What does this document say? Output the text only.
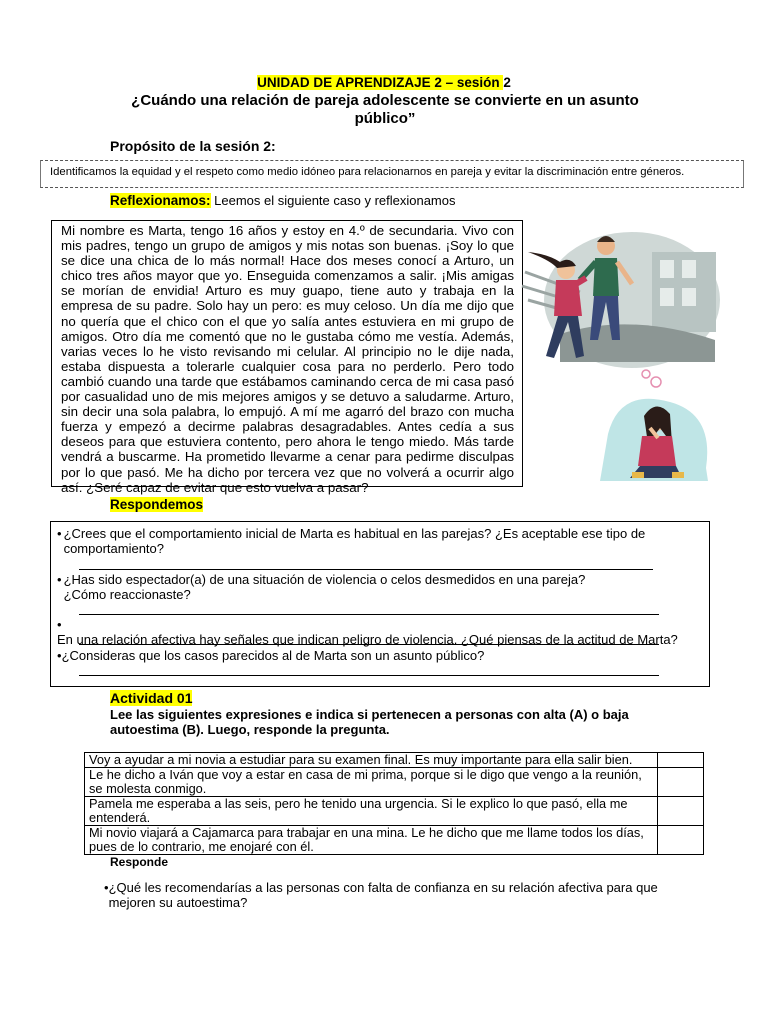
UNIDAD DE APRENDIZAJE 2 – sesión 2
¿Cuándo una relación de pareja adolescente se convierte en un asunto público”
Propósito de la sesión 2:
Identificamos la equidad y el respeto como medio idóneo para relacionarnos en pareja y evitar la discriminación entre géneros.
Reflexionamos: Leemos el siguiente caso y reflexionamos

Mi nombre es Marta, tengo 16 años y estoy en 4.º de secundaria. Vivo con mis padres, tengo un grupo de amigos y mis notas son buenas. ¡Soy lo que se dice una chica de lo más normal! Hace dos meses conocí a Arturo, un chico tres años mayor que yo. Enseguida comenzamos a salir. ¡Mis amigas se morían de envidia! Arturo es muy guapo, tiene auto y trabaja en la empresa de su padre. Solo hay un pero: es muy celoso. Un día me dijo que no quería que el chico con el que yo salía antes estuviera en mi grupo de amigos. Otro día me comentó que no le gustaba cómo me vestía. Además, varias veces lo he visto revisando mi celular. Al principio no le dije nada, estaba dispuesta a tolerarle cualquier cosa para no perderlo. Pero todo cambió cuando una tarde que estábamos caminando cerca de mi casa pasó por casualidad uno de mis mejores amigos y se detuvo a saludarme. Arturo, sin decir una sola palabra, lo empujó. A mí me agarró del brazo con mucha fuerza y empezó a decirme palabras desagradables. Antes cedía a sus deseos para que estuviera contento, pero ahora le tengo miedo. Más tarde vendrá a buscarme. Ha prometido llevarme a cenar para pedirme disculpas por lo que pasó. Me ha dicho por tercera vez que no volverá a ocurrir algo así. ¿Seré capaz de evitar que esto vuelva a pasar?

Respondemos
• ¿Crees que el comportamiento inicial de Marta es habitual en las parejas? ¿Es aceptable ese tipo de comportamiento?
• ¿Has sido espectador(a) de una situación de violencia o celos desmedidos en una pareja? ¿Cómo reaccionaste?
•En una relación afectiva hay señales que indican peligro de violencia. ¿Qué piensas de la actitud de Marta?
•¿Consideras que los casos parecidos al de Marta son un asunto público?
Actividad 01
Lee las siguientes expresiones e indica si pertenecen a personas con alta (A) o baja autoestima (B). Luego, responde la pregunta.
Voy a ayudar a mi novia a estudiar para su examen final. Es muy importante para ella salir bien.	
Le he dicho a Iván que voy a estar en casa de mi prima, porque si le digo que vengo a la reunión, se molesta conmigo.	
Pamela me esperaba a las seis, pero he tenido una urgencia. Si le explico lo que pasó, ella me entenderá.	
Mi novio viajará a Cajamarca para trabajar en una mina. Le he dicho que me llame todos los días, pues de lo contrario, me enojaré con él.	
Responde
•¿Qué les recomendarías a las personas con falta de confianza en su relación afectiva para que mejoren su autoestima?
